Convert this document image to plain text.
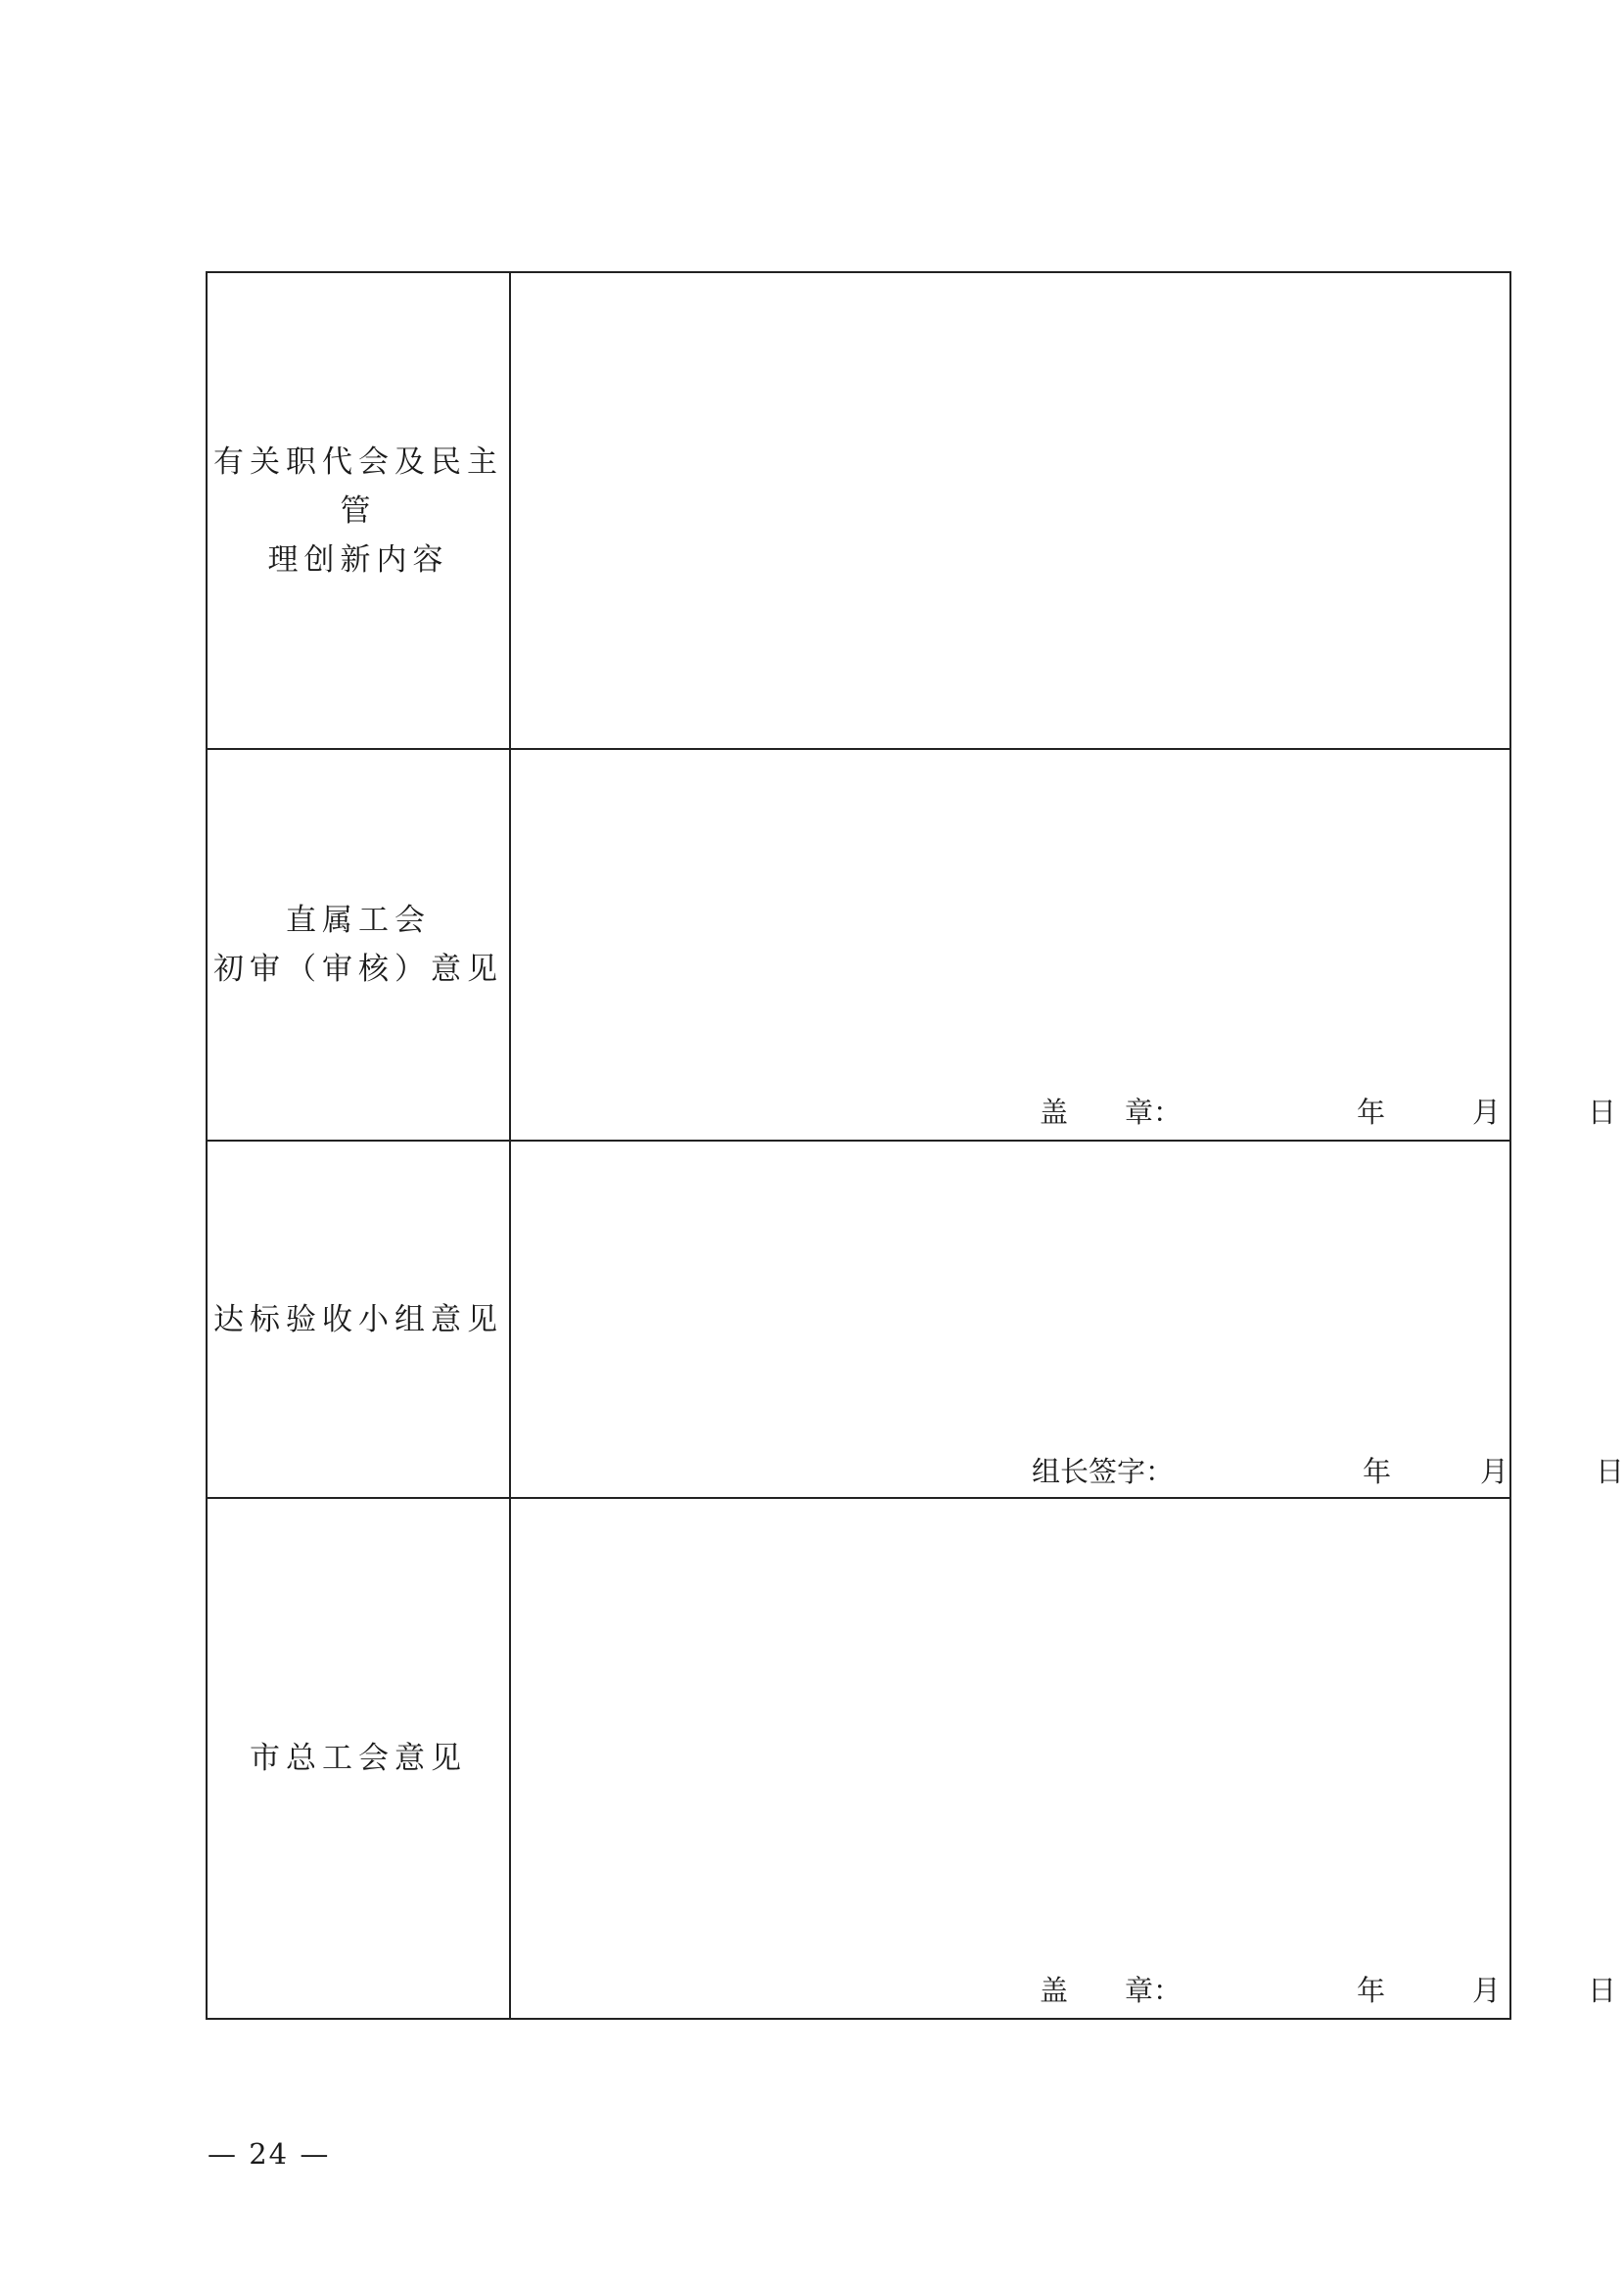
有关职代会及民主管
理创新内容	

直属工会
初审（审核）意见	盖　　章： 年 月 日

达标验收小组意见	组长签字： 年 月 日

市总工会意见	盖　　章： 年 月 日
— 24 —
